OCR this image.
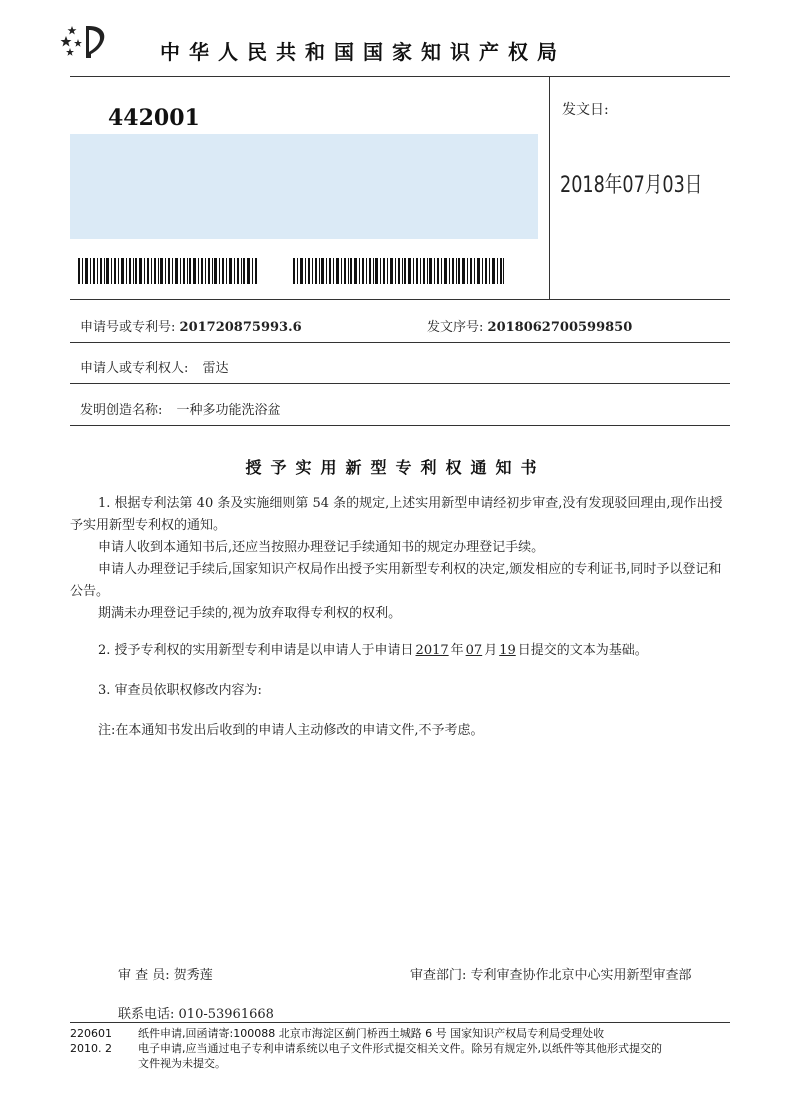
中华人民共和国国家知识产权局
442001	发文日:
2018年07月03日
申请号或专利号: 201720875993.6	发文序号: 2018062700599850
申请人或专利权人: 雷达
发明创造名称: 一种多功能洗浴盆
授予实用新型专利权通知书
1. 根据专利法第 40 条及实施细则第 54 条的规定,上述实用新型申请经初步审查,没有发现驳回理由,现作出授予实用新型专利权的通知。
申请人收到本通知书后,还应当按照办理登记手续通知书的规定办理登记手续。
申请人办理登记手续后,国家知识产权局作出授予实用新型专利权的决定,颁发相应的专利证书,同时予以登记和公告。
期满未办理登记手续的,视为放弃取得专利权的权利。
2. 授予专利权的实用新型专利申请是以申请人于申请日 2017 年 07 月 19 日提交的文本为基础。
3. 审查员依职权修改内容为:
注:在本通知书发出后收到的申请人主动修改的申请文件,不予考虑。
审 查 员: 贺秀莲	审查部门: 专利审查协作北京中心实用新型审查部
联系电话: 010-53961668
220601
2010. 2
纸件申请,回函请寄:100088 北京市海淀区蓟门桥西土城路 6 号 国家知识产权局专利局受理处收
电子申请,应当通过电子专利申请系统以电子文件形式提交相关文件。除另有规定外,以纸件等其他形式提交的
文件视为未提交。
